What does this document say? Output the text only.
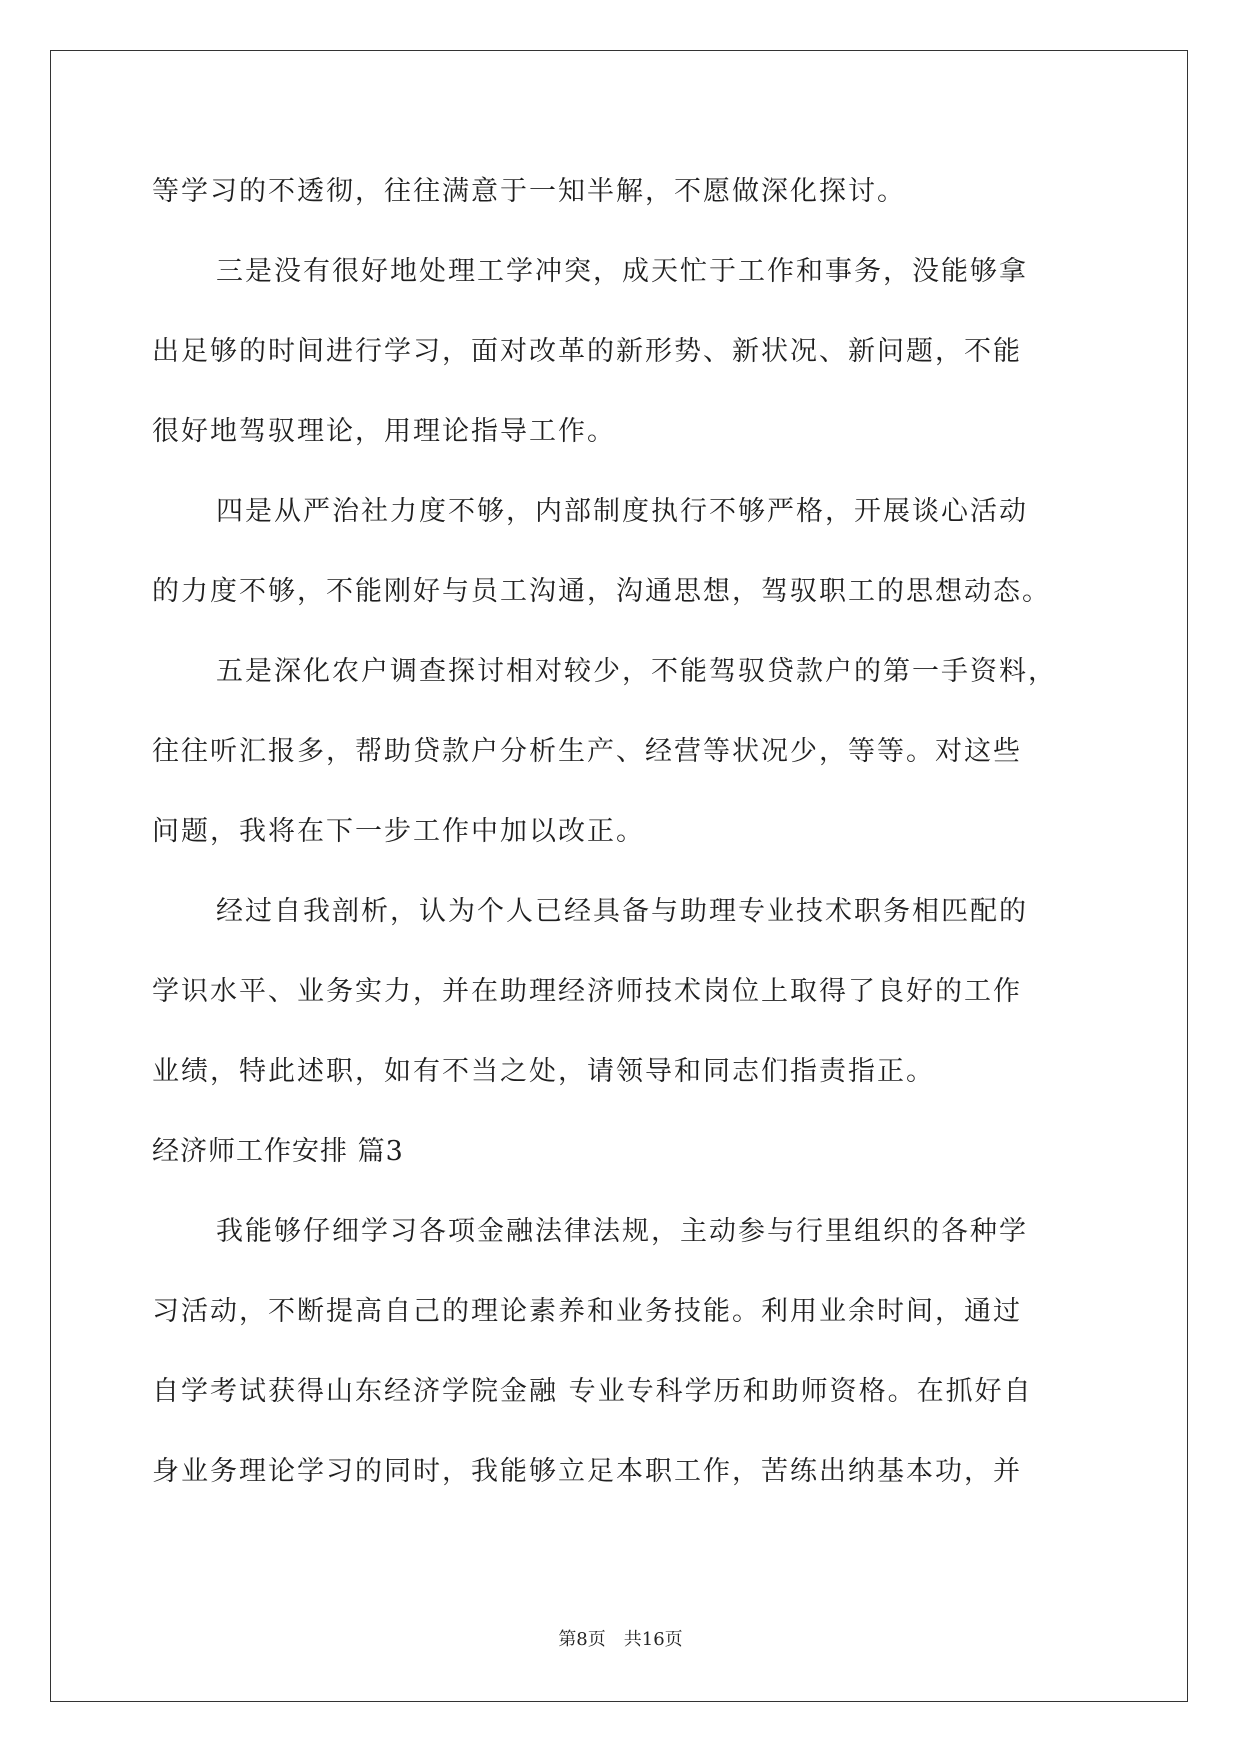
等学习的不透彻，往往满意于一知半解，不愿做深化探讨。
三是没有很好地处理工学冲突，成天忙于工作和事务，没能够拿
出足够的时间进行学习，面对改革的新形势、新状况、新问题，不能
很好地驾驭理论，用理论指导工作。
四是从严治社力度不够，内部制度执行不够严格，开展谈心活动
的力度不够，不能刚好与员工沟通，沟通思想，驾驭职工的思想动态。
五是深化农户调查探讨相对较少，不能驾驭贷款户的第一手资料，
往往听汇报多，帮助贷款户分析生产、经营等状况少，等等。对这些
问题，我将在下一步工作中加以改正。
经过自我剖析，认为个人已经具备与助理专业技术职务相匹配的
学识水平、业务实力，并在助理经济师技术岗位上取得了良好的工作
业绩，特此述职，如有不当之处，请领导和同志们指责指正。
经济师工作安排 篇3
我能够仔细学习各项金融法律法规，主动参与行里组织的各种学
习活动，不断提高自己的理论素养和业务技能。利用业余时间，通过
自学考试获得山东经济学院金融 专业专科学历和助师资格。在抓好自
身业务理论学习的同时，我能够立足本职工作，苦练出纳基本功，并
第8页　共16页
